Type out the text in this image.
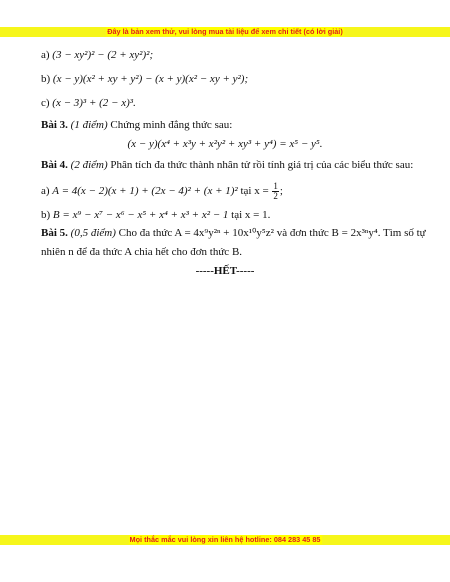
Đây là bản xem thử, vui lòng mua tài liệu để xem chi tiết (có lời giải)
a) (3 − xy²)² − (2 + xy²)²;
b) (x − y)(x² + xy + y²) − (x + y)(x² − xy + y²);
c) (x − 3)³ + (2 − x)³.
Bài 3. (1 điểm) Chứng minh đẳng thức sau:
(x − y)(x⁴ + x³y + x²y² + xy³ + y⁴) = x⁵ − y⁵.
Bài 4. (2 điểm) Phân tích đa thức thành nhân tử rồi tính giá trị của các biểu thức sau:
a) A = 4(x − 2)(x + 1) + (2x − 4)² + (x + 1)² tại $x = \frac{1}{2}$ ;
b) B = x⁹ − x⁷ − x⁶ − x⁵ + x⁴ + x³ + x² − 1 tại x = 1.
Bài 5. (0,5 điểm) Cho đa thức A = 4x⁹y²ⁿ + 10x¹⁰y⁵z² và đơn thức B = 2x³ⁿy⁴. Tìm số tự
nhiên n để đa thức A chia hết cho đơn thức B.
-----HẾT-----
Mọi thắc mắc vui lòng xin liên hệ hotline: 084 283 45 85
